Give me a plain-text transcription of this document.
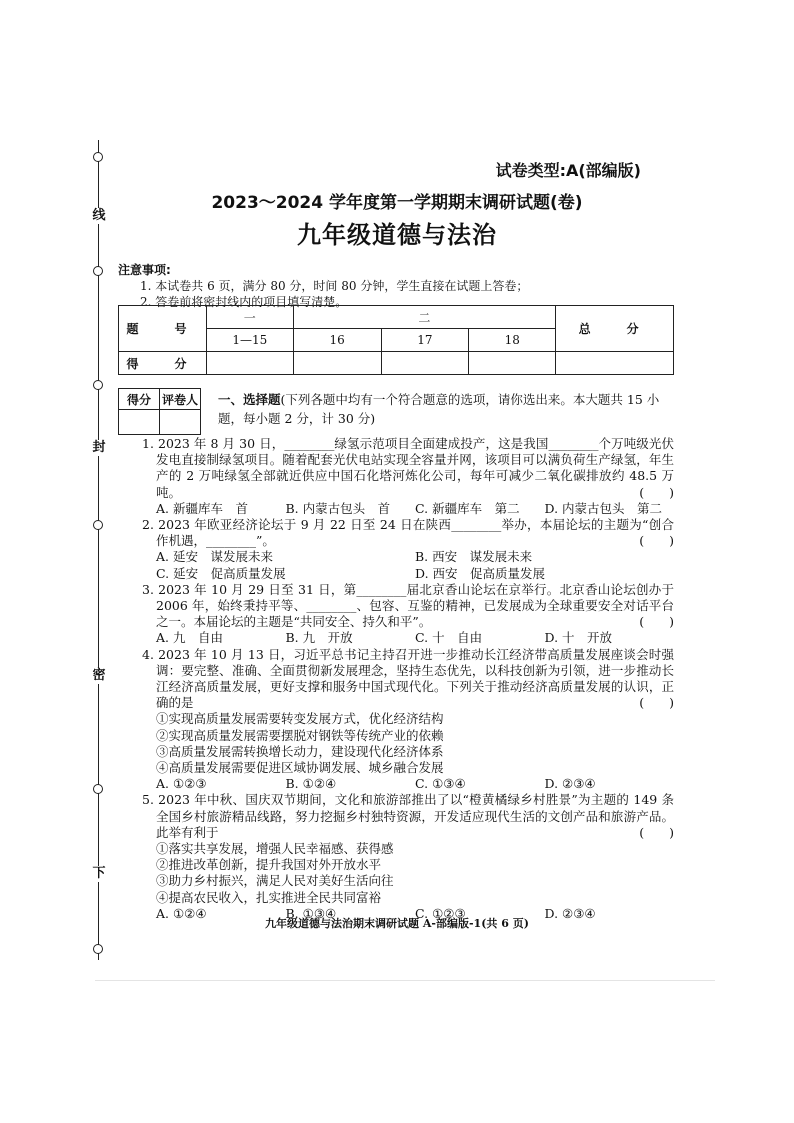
线
封
密
下
试卷类型:A(部编版)
2023～2024 学年度第一学期期末调研试题(卷)
九年级道德与法治
注意事项:
1. 本试卷共 6 页，满分 80 分，时间 80 分钟，学生直接在试题上答卷；
2. 答卷前将密封线内的项目填写清楚。
题　号	一	二			总　分
	1—15	16	17	18	
得　分					
得分	评卷人
	一、选择题(下列各题中均有一个符合题意的选项，请你选出来。本大题共 15 小题，每小题 2 分，计 30 分)
1. 2023 年 8 月 30 日，________绿氢示范项目全面建成投产，这是我国________个万吨级光伏发电直接制绿氢项目。随着配套光伏电站实现全容量并网，该项目可以满负荷生产绿氢，年生产的 2 万吨绿氢全部就近供应中国石化塔河炼化公司，每年可减少二氧化碳排放约 48.5 万吨。	(　　)
A. 新疆库车　首	B. 内蒙古包头　首	C. 新疆库车　第二	D. 内蒙古包头　第二
2. 2023 年欧亚经济论坛于 9 月 22 日至 24 日在陕西________举办，本届论坛的主题为“创合作机遇，________”。	(　　)
A. 延安　谋发展未来	B. 西安　谋发展未来
C. 延安　促高质量发展	D. 西安　促高质量发展
3. 2023 年 10 月 29 日至 31 日，第________届北京香山论坛在京举行。北京香山论坛创办于 2006 年，始终秉持平等、________、包容、互鉴的精神，已发展成为全球重要安全对话平台之一。本届论坛的主题是“共同安全、持久和平”。	(　　)
A. 九　自由	B. 九　开放	C. 十　自由	D. 十　开放
4. 2023 年 10 月 13 日，习近平总书记主持召开进一步推动长江经济带高质量发展座谈会时强调：要完整、准确、全面贯彻新发展理念，坚持生态优先，以科技创新为引领，进一步推动长江经济高质量发展，更好支撑和服务中国式现代化。下列关于推动经济高质量发展的认识，正确的是	(　　)
①实现高质量发展需要转变发展方式，优化经济结构
②实现高质量发展需要摆脱对钢铁等传统产业的依赖
③高质量发展需转换增长动力，建设现代化经济体系
④高质量发展需要促进区域协调发展、城乡融合发展
A. ①②③	B. ①②④	C. ①③④	D. ②③④
5. 2023 年中秋、国庆双节期间，文化和旅游部推出了以“橙黄橘绿乡村胜景”为主题的 149 条全国乡村旅游精品线路，努力挖掘乡村独特资源，开发适应现代生活的文创产品和旅游产品。此举有利于	(　　)
①落实共享发展，增强人民幸福感、获得感
②推进改革创新，提升我国对外开放水平
③助力乡村振兴，满足人民对美好生活向往
④提高农民收入，扎实推进全民共同富裕
A. ①②④	B. ①③④	C. ①②③	D. ②③④
九年级道德与法治期末调研试题 A-部编版-1(共 6 页)
